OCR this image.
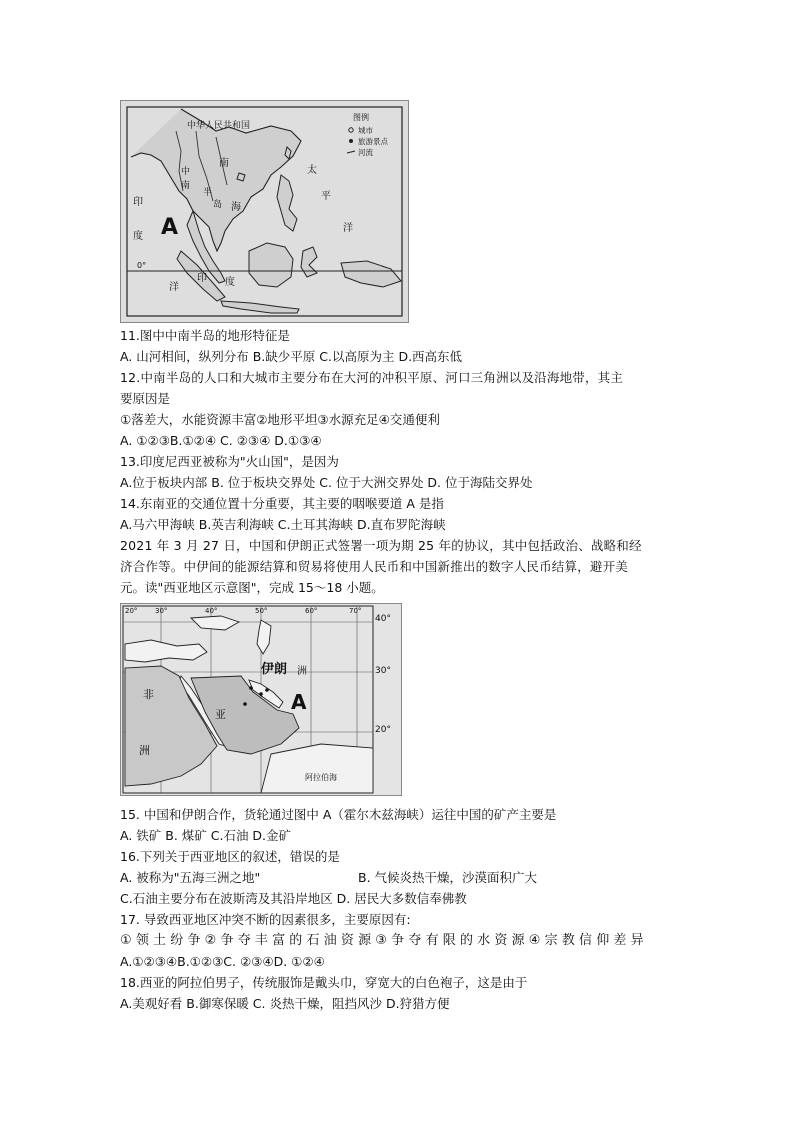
图例
城市
旅游景点
河流
中华人民共和国
南
中
南
半
岛 海
太
平
洋
印
度
洋
印 度
A
0°
11.图中中南半岛的地形特征是
A. 山河相间，纵列分布 B.缺少平原 C.以高原为主 D.西高东低
12.中南半岛的人口和大城市主要分布在大河的冲积平原、河口三角洲以及沿海地带，其主
要原因是
①落差大，水能资源丰富②地形平坦③水源充足④交通便利
A. ①②③B.①②④ C. ②③④ D.①③④
13.印度尼西亚被称为"火山国"，是因为
A.位于板块内部 B. 位于板块交界处 C. 位于大洲交界处 D. 位于海陆交界处
14.东南亚的交通位置十分重要，其主要的咽喉要道 A 是指
A.马六甲海峡 B.英吉利海峡 C.土耳其海峡 D.直布罗陀海峡
2021 年 3 月 27 日，中国和伊朗正式签署一项为期 25 年的协议，其中包括政治、战略和经
济合作等。中伊间的能源结算和贸易将使用人民币和中国新推出的数字人民币结算，避开美
元。读"西亚地区示意图"，完成 15～18 小题。
40°
30°
20°
20°	30°	40°	50°	60°	70°
伊朗 洲
非
亚
洲
A
阿拉伯海
15. 中国和伊朗合作，货轮通过图中 A（霍尔木兹海峡）运往中国的矿产主要是
A. 铁矿 B. 煤矿 C.石油 D.金矿
16.下列关于西亚地区的叙述，错误的是
A. 被称为"五海三洲之地"	B. 气候炎热干燥，沙漠面积广大
C.石油主要分布在波斯湾及其沿岸地区 D. 居民大多数信奉佛教
17. 导致西亚地区冲突不断的因素很多，主要原因有:
①领土纷争②争夺丰富的石油资源③争夺有限的水资源④宗教信仰差异
A.①②③④B.①②③C. ②③④D. ①②④
18.西亚的阿拉伯男子，传统服饰是戴头巾，穿宽大的白色袍子，这是由于
A.美观好看 B.御寒保暖 C. 炎热干燥，阻挡风沙 D.狩猎方便
